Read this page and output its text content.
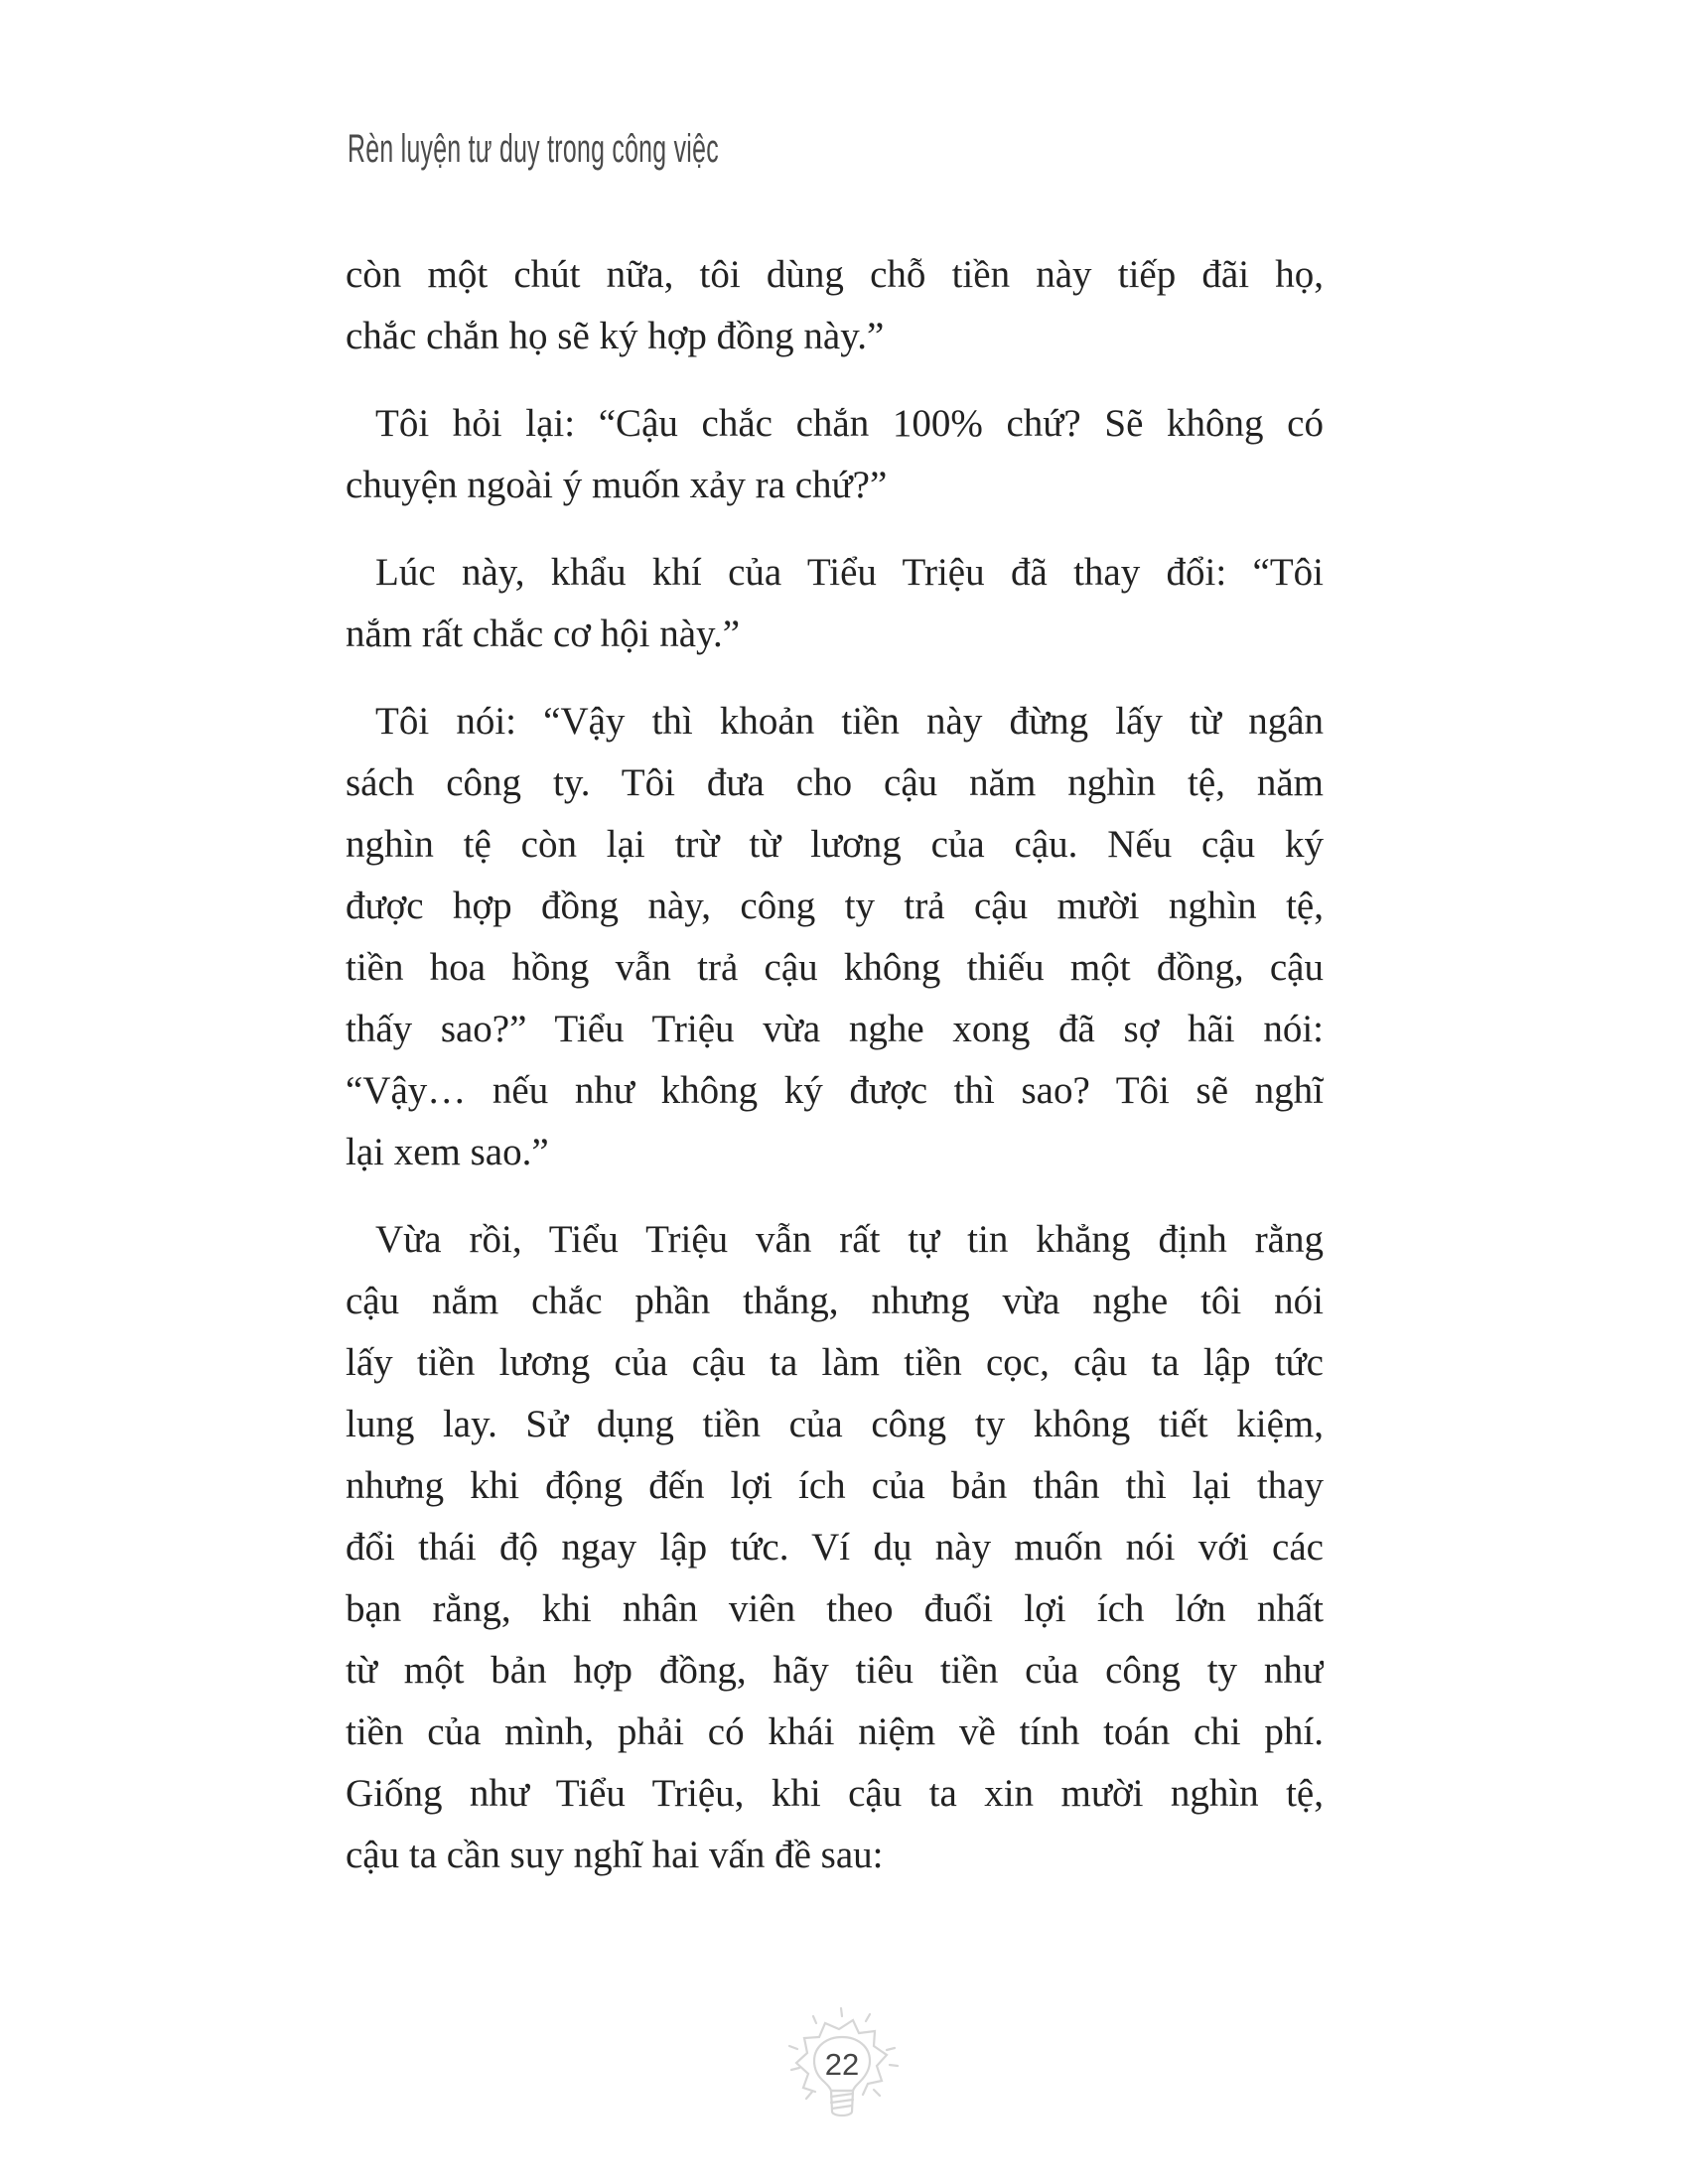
Rèn luyện tư duy trong công việc

còn một chút nữa, tôi dùng chỗ tiền này tiếp đãi họ,
chắc chắn họ sẽ ký hợp đồng này.”

Tôi hỏi lại: “Cậu chắc chắn 100% chứ? Sẽ không có
chuyện ngoài ý muốn xảy ra chứ?”

Lúc này, khẩu khí của Tiểu Triệu đã thay đổi: “Tôi
nắm rất chắc cơ hội này.”

Tôi nói: “Vậy thì khoản tiền này đừng lấy từ ngân
sách công ty. Tôi đưa cho cậu năm nghìn tệ, năm
nghìn tệ còn lại trừ từ lương của cậu. Nếu cậu ký
được hợp đồng này, công ty trả cậu mười nghìn tệ,
tiền hoa hồng vẫn trả cậu không thiếu một đồng, cậu
thấy sao?” Tiểu Triệu vừa nghe xong đã sợ hãi nói:
“Vậy… nếu như không ký được thì sao? Tôi sẽ nghĩ
lại xem sao.”

Vừa rồi, Tiểu Triệu vẫn rất tự tin khẳng định rằng
cậu nắm chắc phần thắng, nhưng vừa nghe tôi nói
lấy tiền lương của cậu ta làm tiền cọc, cậu ta lập tức
lung lay. Sử dụng tiền của công ty không tiết kiệm,
nhưng khi động đến lợi ích của bản thân thì lại thay
đổi thái độ ngay lập tức. Ví dụ này muốn nói với các
bạn rằng, khi nhân viên theo đuổi lợi ích lớn nhất
từ một bản hợp đồng, hãy tiêu tiền của công ty như
tiền của mình, phải có khái niệm về tính toán chi phí.
Giống như Tiểu Triệu, khi cậu ta xin mười nghìn tệ,
cậu ta cần suy nghĩ hai vấn đề sau:

22
